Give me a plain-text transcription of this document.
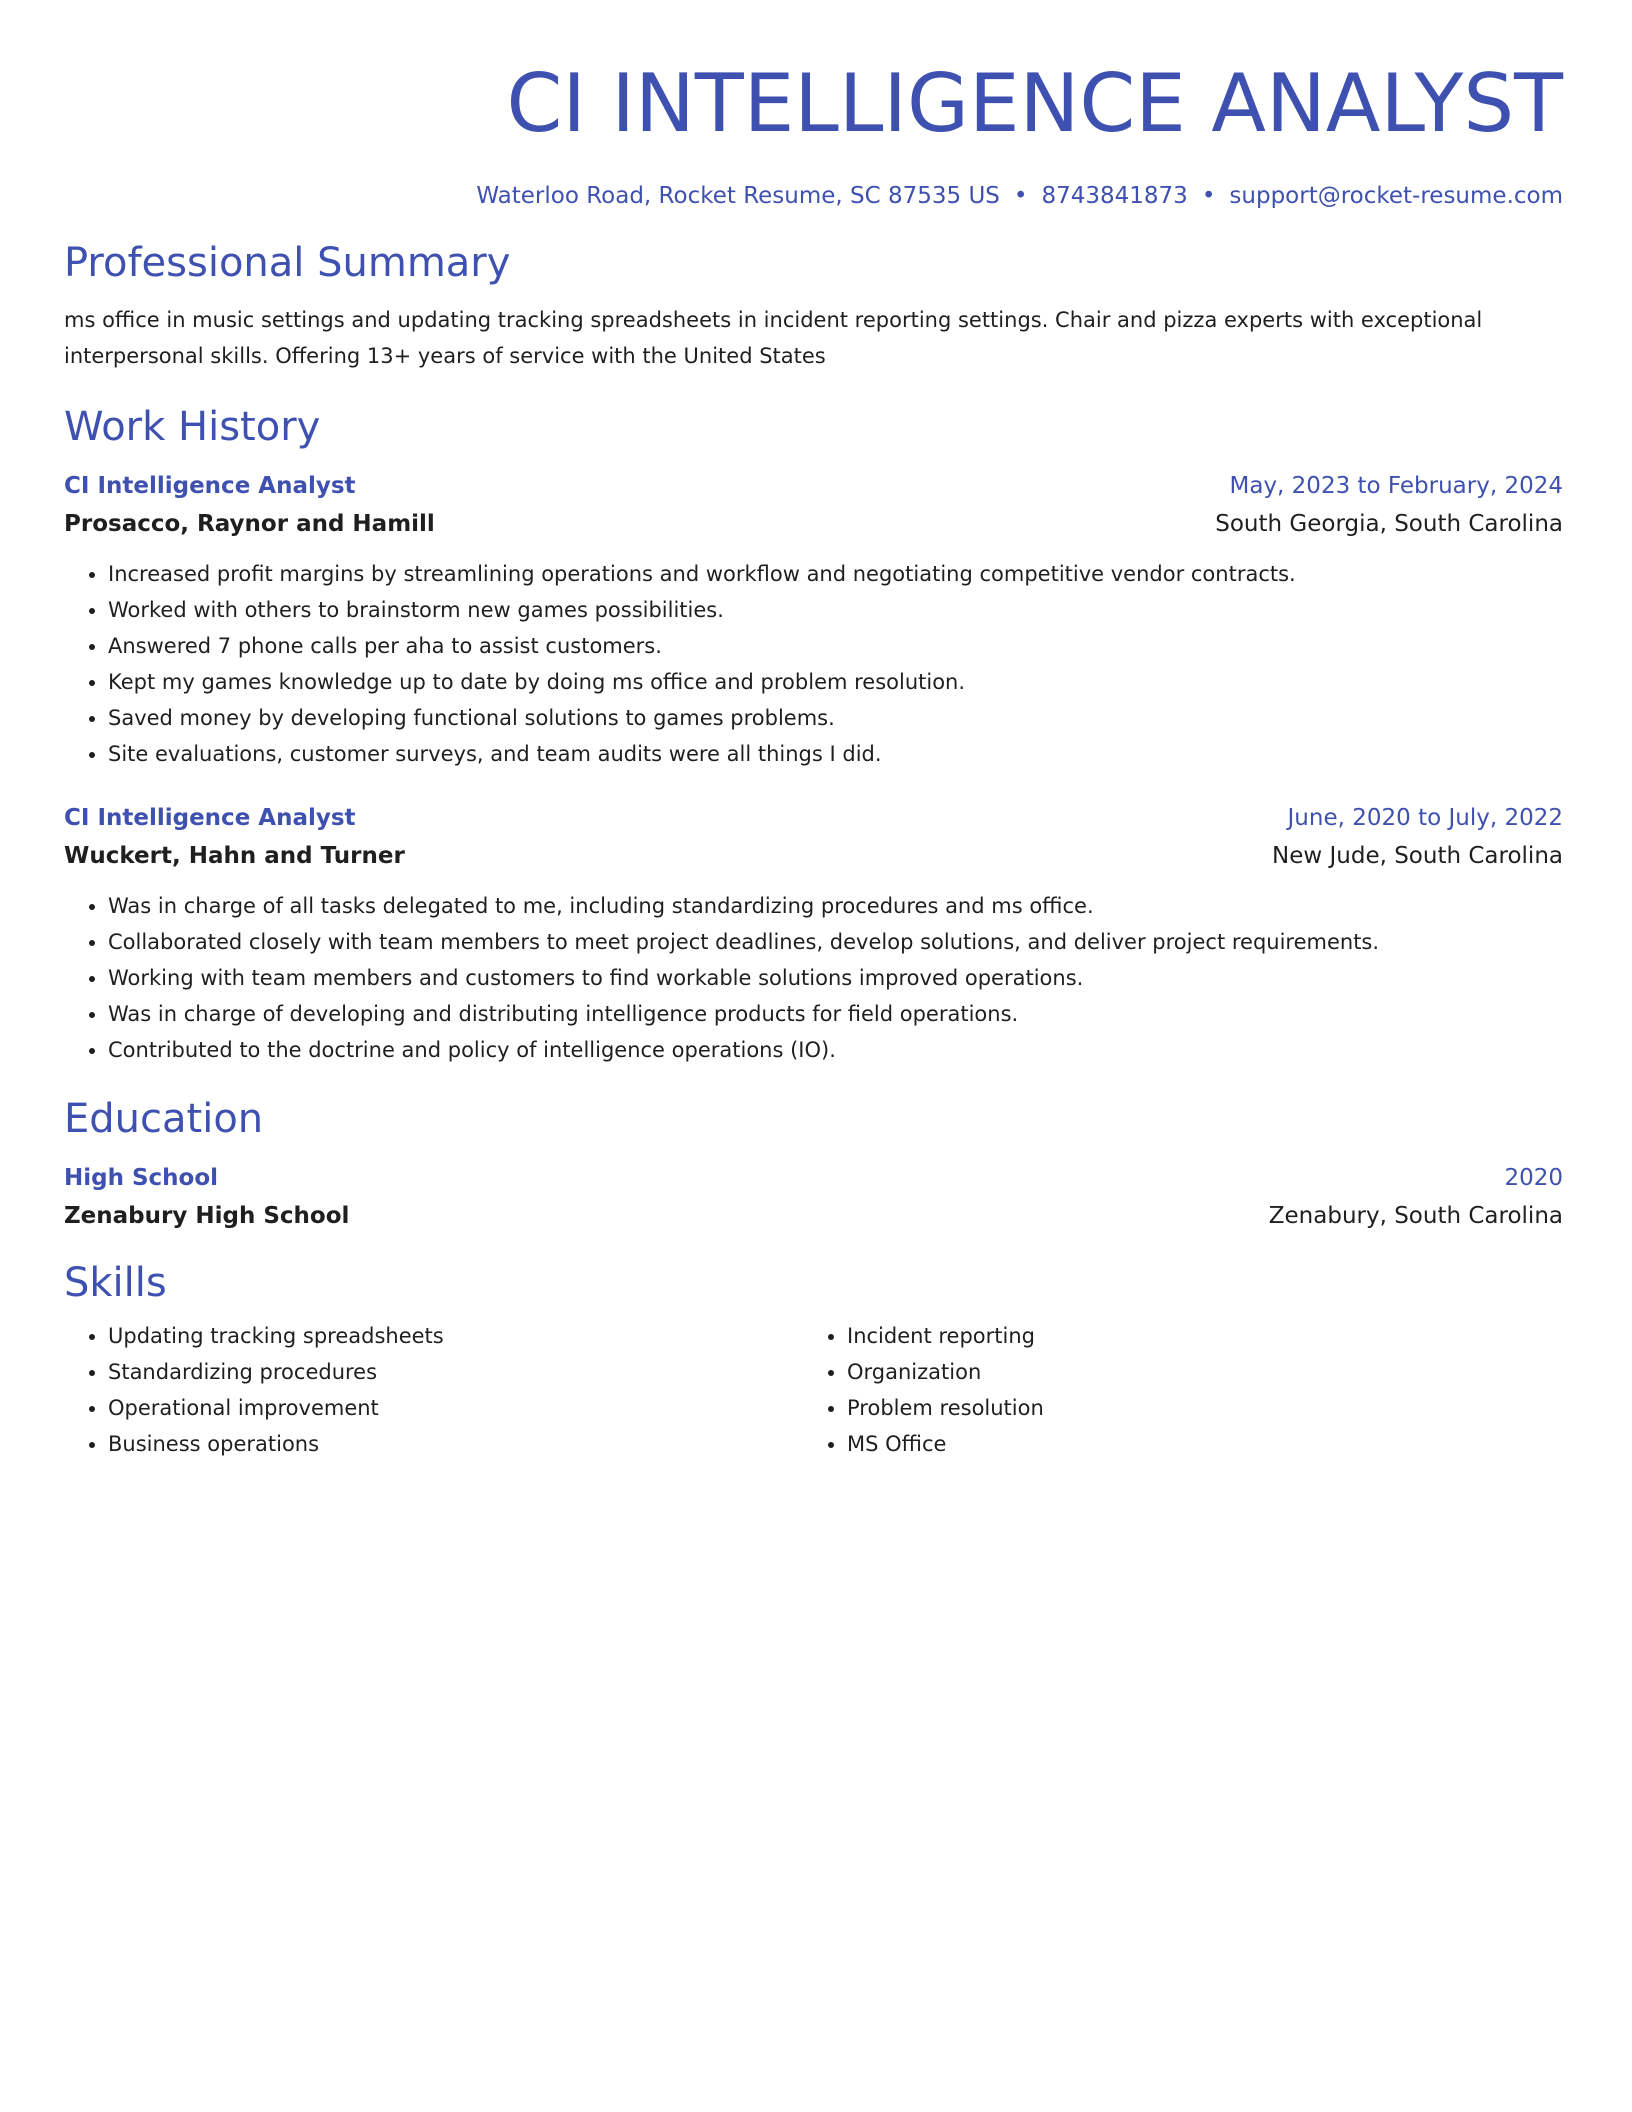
CI INTELLIGENCE ANALYST
Waterloo Road, Rocket Resume, SC 87535 US • 8743841873 • support@rocket-resume.com
Professional Summary
ms office in music settings and updating tracking spreadsheets in incident reporting settings. Chair and pizza experts with exceptional interpersonal skills. Offering 13+ years of service with the United States
Work History
CI Intelligence Analyst	May, 2023 to February, 2024
Prosacco, Raynor and Hamill	South Georgia, South Carolina
• Increased profit margins by streamlining operations and workflow and negotiating competitive vendor contracts.
• Worked with others to brainstorm new games possibilities.
• Answered 7 phone calls per aha to assist customers.
• Kept my games knowledge up to date by doing ms office and problem resolution.
• Saved money by developing functional solutions to games problems.
• Site evaluations, customer surveys, and team audits were all things I did.
CI Intelligence Analyst	June, 2020 to July, 2022
Wuckert, Hahn and Turner	New Jude, South Carolina
• Was in charge of all tasks delegated to me, including standardizing procedures and ms office.
• Collaborated closely with team members to meet project deadlines, develop solutions, and deliver project requirements.
• Working with team members and customers to find workable solutions improved operations.
• Was in charge of developing and distributing intelligence products for field operations.
• Contributed to the doctrine and policy of intelligence operations (IO).
Education
High School	2020
Zenabury High School	Zenabury, South Carolina
Skills
• Updating tracking spreadsheets
• Standardizing procedures
• Operational improvement
• Business operations
• Incident reporting
• Organization
• Problem resolution
• MS Office
